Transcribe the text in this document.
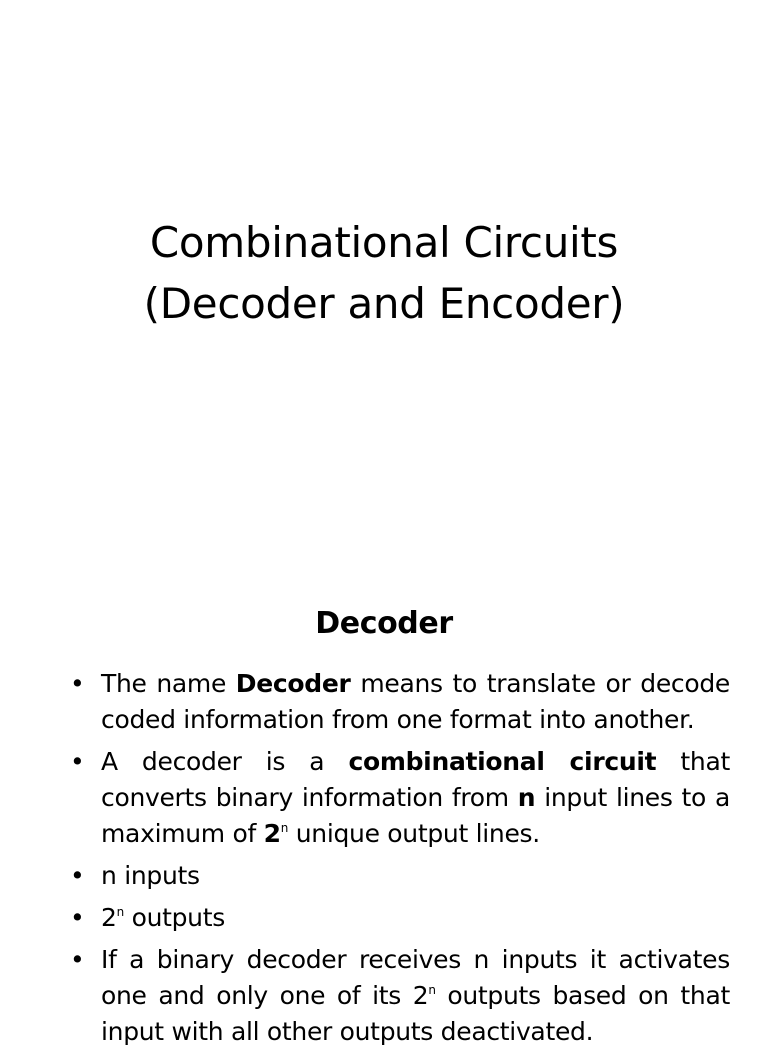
Combinational Circuits
(Decoder and Encoder)
Decoder
• The name Decoder means to translate or decode coded information from one format into another.
• A decoder is a combinational circuit that converts binary information from n input lines to a maximum of 2$^n$ unique output lines.
• n inputs
• 2$^n$ outputs
• If a binary decoder receives n inputs it activates one and only one of its 2$^n$ outputs based on that input with all other outputs deactivated.
